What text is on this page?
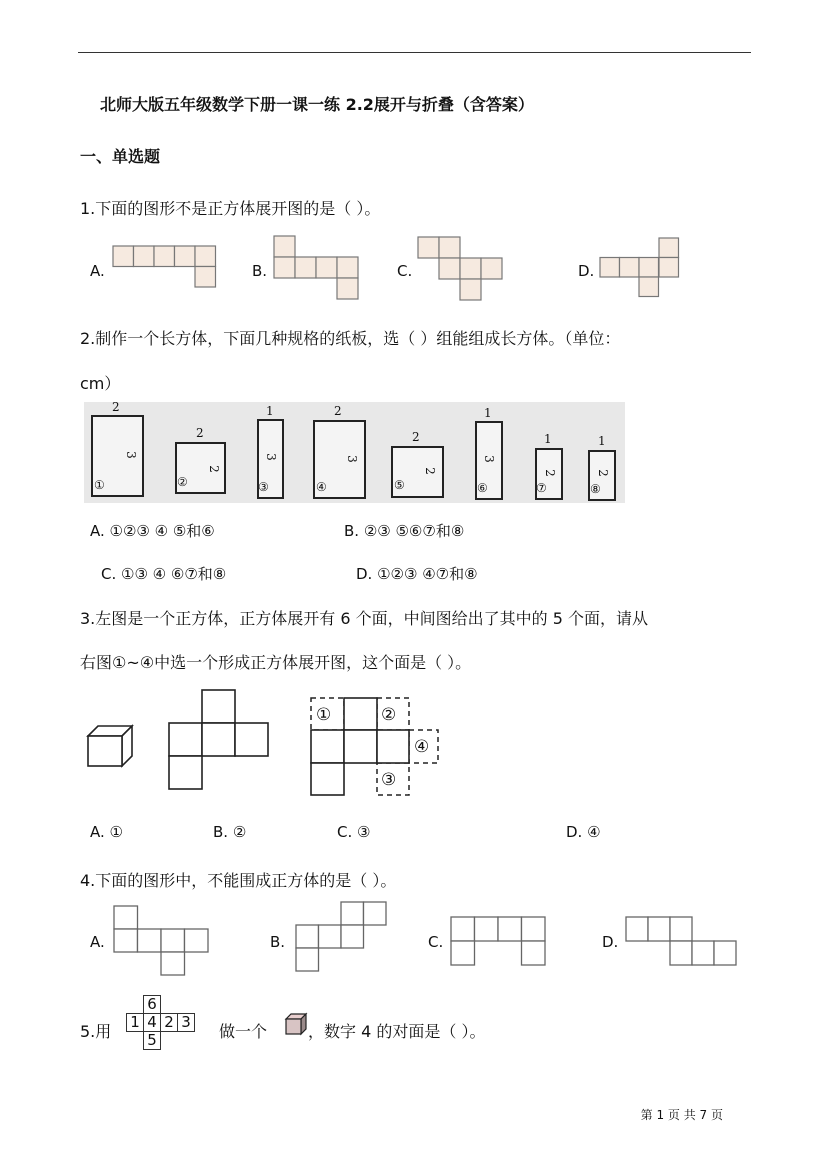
北师大版五年级数学下册一课一练 2.2展开与折叠（含答案）
一、单选题
1.下面的图形不是正方体展开图的是（ ）。
A.	B.	C.	D.
2.制作一个长方体，下面几种规格的纸板，选（ ）组能组成长方体。（单位：
cm）
2
3
①
2
2
②
1
3
③
2
3
④
2
2
⑤
1
3
⑥
1
2
⑦
1
2
⑧
A. ①②③ ④ ⑤和⑥	B. ②③ ⑤⑥⑦和⑧
C. ①③ ④ ⑥⑦和⑧	D. ①②③ ④⑦和⑧
3.左图是一个正方体，正方体展开有 6 个面，中间图给出了其中的 5 个面，请从
右图①~④中选一个形成正方体展开图，这个面是（ ）。
①	②
④
③
A. ①	B. ②	C. ③	D. ④
4.下面的图形中，不能围成正方体的是（ ）。
A.	B.	C.	D.
5.用
	6		
1	4	2	3
	5			做一个	，数字 4 的对面是（ ）。
第 1 页 共 7 页
